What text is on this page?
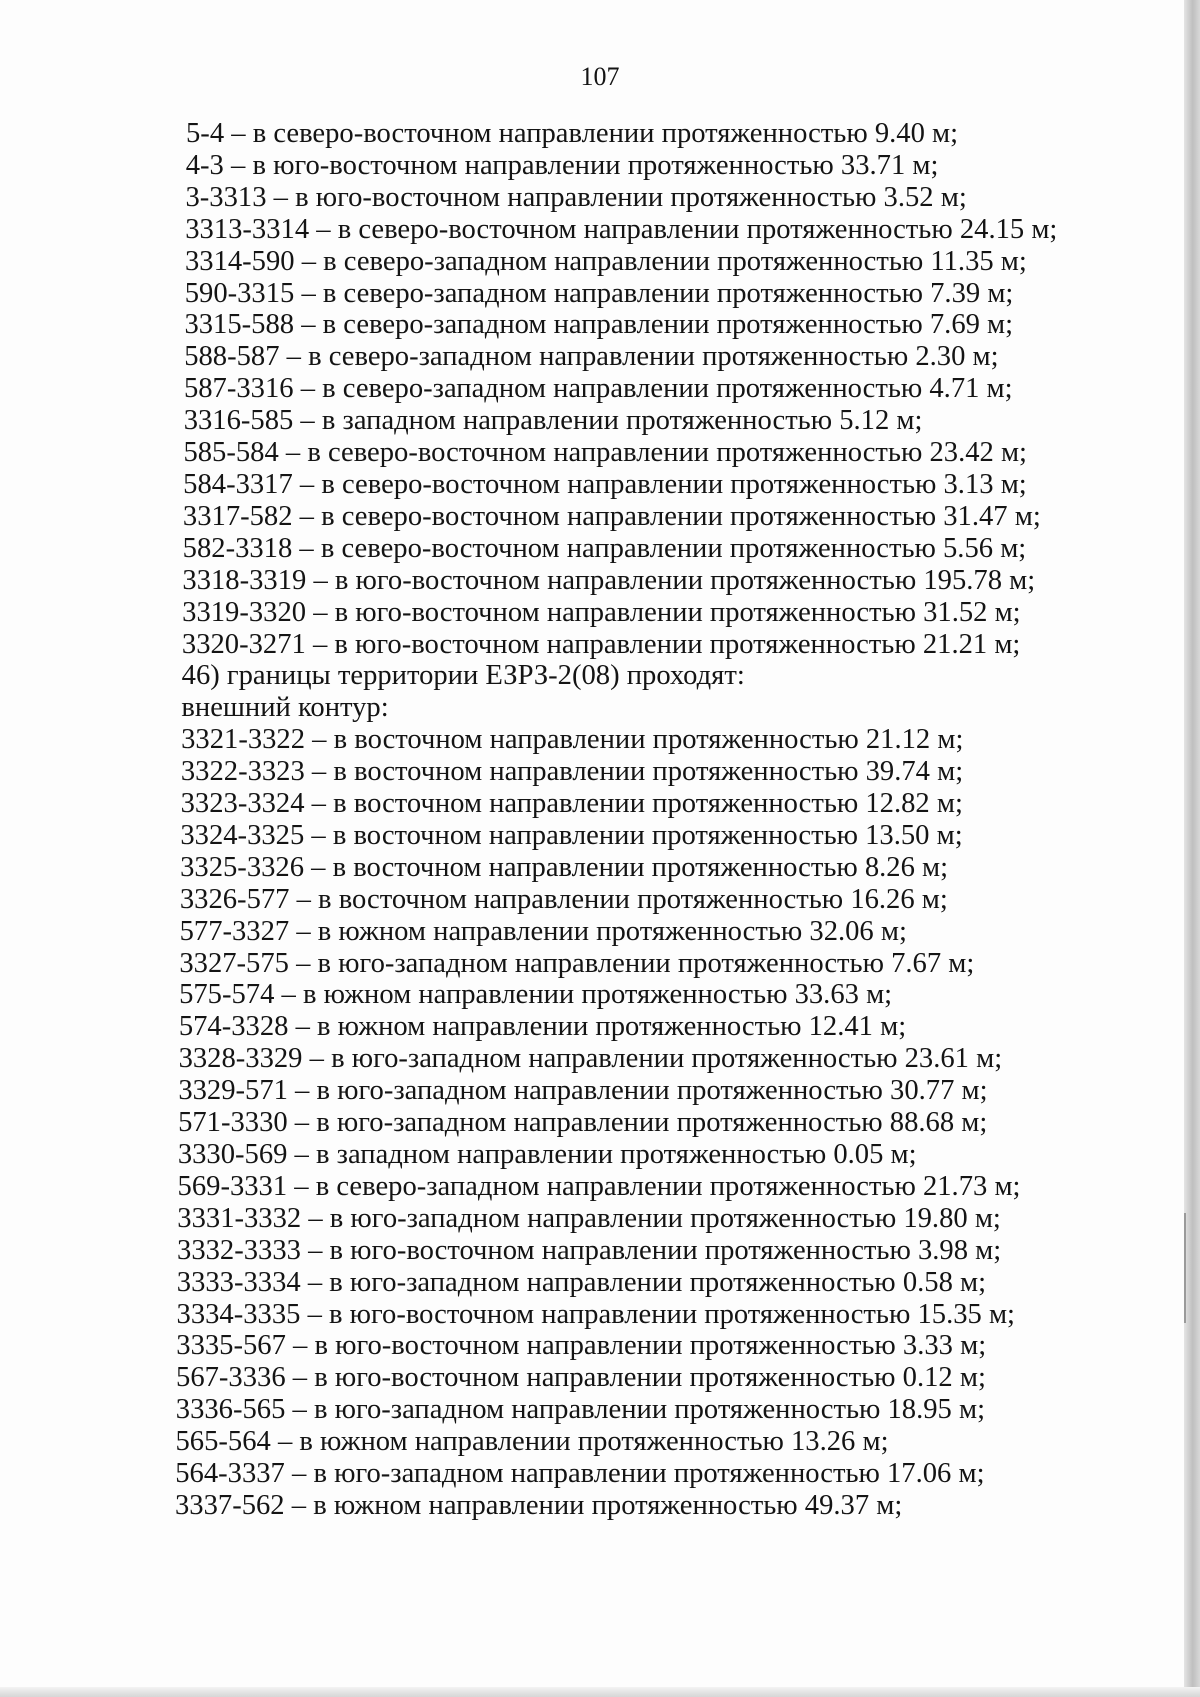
107
5-4 – в северо-восточном направлении протяженностью 9.40 м;
4-3 – в юго-восточном направлении протяженностью 33.71 м;
3-3313 – в юго-восточном направлении протяженностью 3.52 м;
3313-3314 – в северо-восточном направлении протяженностью 24.15 м;
3314-590 – в северо-западном направлении протяженностью 11.35 м;
590-3315 – в северо-западном направлении протяженностью 7.39 м;
3315-588 – в северо-западном направлении протяженностью 7.69 м;
588-587 – в северо-западном направлении протяженностью 2.30 м;
587-3316 – в северо-западном направлении протяженностью 4.71 м;
3316-585 – в западном направлении протяженностью 5.12 м;
585-584 – в северо-восточном направлении протяженностью 23.42 м;
584-3317 – в северо-восточном направлении протяженностью 3.13 м;
3317-582 – в северо-восточном направлении протяженностью 31.47 м;
582-3318 – в северо-восточном направлении протяженностью 5.56 м;
3318-3319 – в юго-восточном направлении протяженностью 195.78 м;
3319-3320 – в юго-восточном направлении протяженностью 31.52 м;
3320-3271 – в юго-восточном направлении протяженностью 21.21 м;
46) границы территории ЕЗРЗ-2(08) проходят:
внешний контур:
3321-3322 – в восточном направлении протяженностью 21.12 м;
3322-3323 – в восточном направлении протяженностью 39.74 м;
3323-3324 – в восточном направлении протяженностью 12.82 м;
3324-3325 – в восточном направлении протяженностью 13.50 м;
3325-3326 – в восточном направлении протяженностью 8.26 м;
3326-577 – в восточном направлении протяженностью 16.26 м;
577-3327 – в южном направлении протяженностью 32.06 м;
3327-575 – в юго-западном направлении протяженностью 7.67 м;
575-574 – в южном направлении протяженностью 33.63 м;
574-3328 – в южном направлении протяженностью 12.41 м;
3328-3329 – в юго-западном направлении протяженностью 23.61 м;
3329-571 – в юго-западном направлении протяженностью 30.77 м;
571-3330 – в юго-западном направлении протяженностью 88.68 м;
3330-569 – в западном направлении протяженностью 0.05 м;
569-3331 – в северо-западном направлении протяженностью 21.73 м;
3331-3332 – в юго-западном направлении протяженностью 19.80 м;
3332-3333 – в юго-восточном направлении протяженностью 3.98 м;
3333-3334 – в юго-западном направлении протяженностью 0.58 м;
3334-3335 – в юго-восточном направлении протяженностью 15.35 м;
3335-567 – в юго-восточном направлении протяженностью 3.33 м;
567-3336 – в юго-восточном направлении протяженностью 0.12 м;
3336-565 – в юго-западном направлении протяженностью 18.95 м;
565-564 – в южном направлении протяженностью 13.26 м;
564-3337 – в юго-западном направлении протяженностью 17.06 м;
3337-562 – в южном направлении протяженностью 49.37 м;
